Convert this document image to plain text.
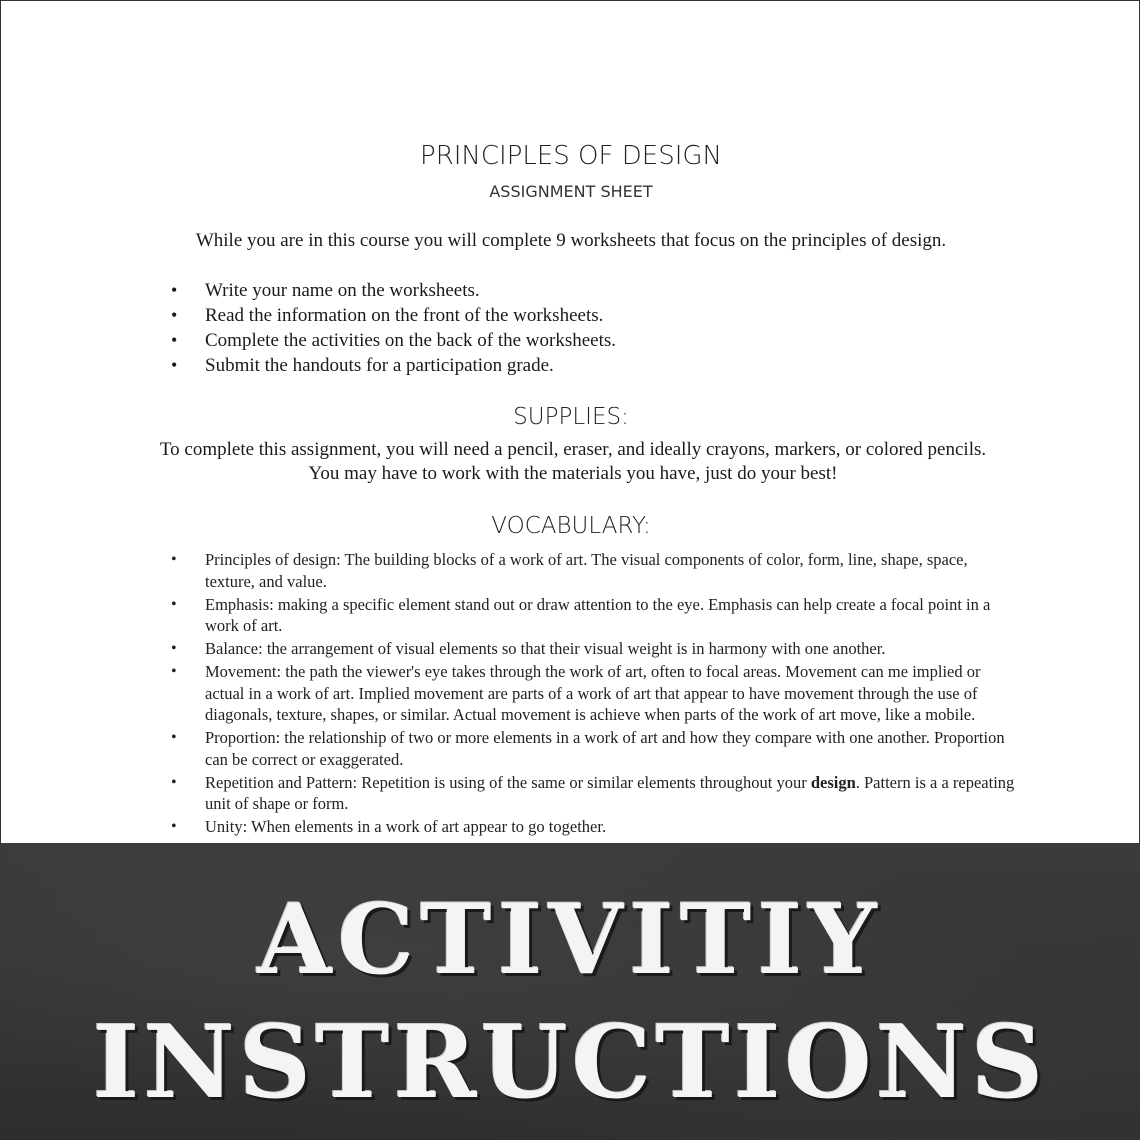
PRINCIPLES OF DESIGN
ASSIGNMENT SHEET
While you are in this course you will complete 9 worksheets that focus on the principles of design.
• Write your name on the worksheets.
• Read the information on the front of the worksheets.
• Complete the activities on the back of the worksheets.
• Submit the handouts for a participation grade.
SUPPLIES:
To complete this assignment, you will need a pencil, eraser, and ideally crayons, markers, or colored pencils. You may have to work with the materials you have, just do your best!
VOCABULARY:
• Principles of design: The building blocks of a work of art. The visual components of color, form, line, shape, space, texture, and value.
• Emphasis: making a specific element stand out or draw attention to the eye. Emphasis can help create a focal point in a work of art.
• Balance: the arrangement of visual elements so that their visual weight is in harmony with one another.
• Movement: the path the viewer's eye takes through the work of art, often to focal areas. Movement can me implied or actual in a work of art. Implied movement are parts of a work of art that appear to have movement through the use of diagonals, texture, shapes, or similar. Actual movement is achieve when parts of the work of art move, like a mobile.
• Proportion: the relationship of two or more elements in a work of art and how they compare with one another. Proportion can be correct or exaggerated.
• Repetition and Pattern: Repetition is using of the same or similar elements throughout your design. Pattern is a a repeating unit of shape or form.
• Unity: When elements in a work of art appear to go together.
ACTIVITIY
INSTRUCTIONS
